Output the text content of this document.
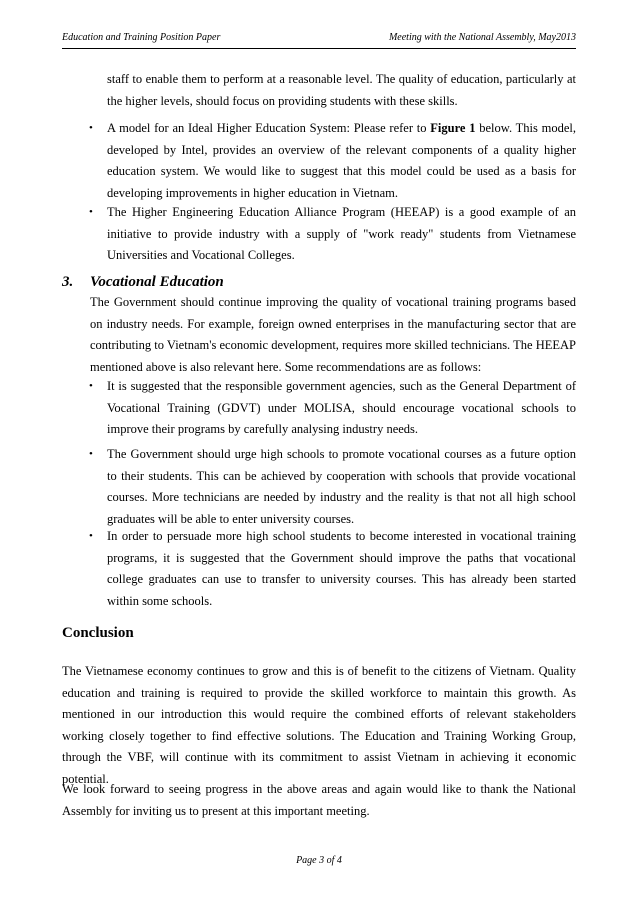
Education and Training Position Paper	Meeting with the National Assembly, May2013
staff to enable them to perform at a reasonable level. The quality of education, particularly at the higher levels, should focus on providing students with these skills.
• A model for an Ideal Higher Education System: Please refer to Figure 1 below. This model, developed by Intel, provides an overview of the relevant components of a quality higher education system. We would like to suggest that this model could be used as a basis for developing improvements in higher education in Vietnam.
• The Higher Engineering Education Alliance Program (HEEAP) is a good example of an initiative to provide industry with a supply of "work ready" students from Vietnamese Universities and Vocational Colleges.
3. Vocational Education
The Government should continue improving the quality of vocational training programs based on industry needs. For example, foreign owned enterprises in the manufacturing sector that are contributing to Vietnam's economic development, requires more skilled technicians. The HEEAP mentioned above is also relevant here. Some recommendations are as follows:
• It is suggested that the responsible government agencies, such as the General Department of Vocational Training (GDVT) under MOLISA, should encourage vocational schools to improve their programs by carefully analysing industry needs.
• The Government should urge high schools to promote vocational courses as a future option to their students. This can be achieved by cooperation with schools that provide vocational courses. More technicians are needed by industry and the reality is that not all high school graduates will be able to enter university courses.
• In order to persuade more high school students to become interested in vocational training programs, it is suggested that the Government should improve the paths that vocational college graduates can use to transfer to university courses. This has already been started within some schools.
Conclusion
The Vietnamese economy continues to grow and this is of benefit to the citizens of Vietnam. Quality education and training is required to provide the skilled workforce to maintain this growth. As mentioned in our introduction this would require the combined efforts of relevant stakeholders working closely together to find effective solutions. The Education and Training Working Group, through the VBF, will continue with its commitment to assist Vietnam in achieving it economic potential.
We look forward to seeing progress in the above areas and again would like to thank the National Assembly for inviting us to present at this important meeting.
Page 3 of 4
